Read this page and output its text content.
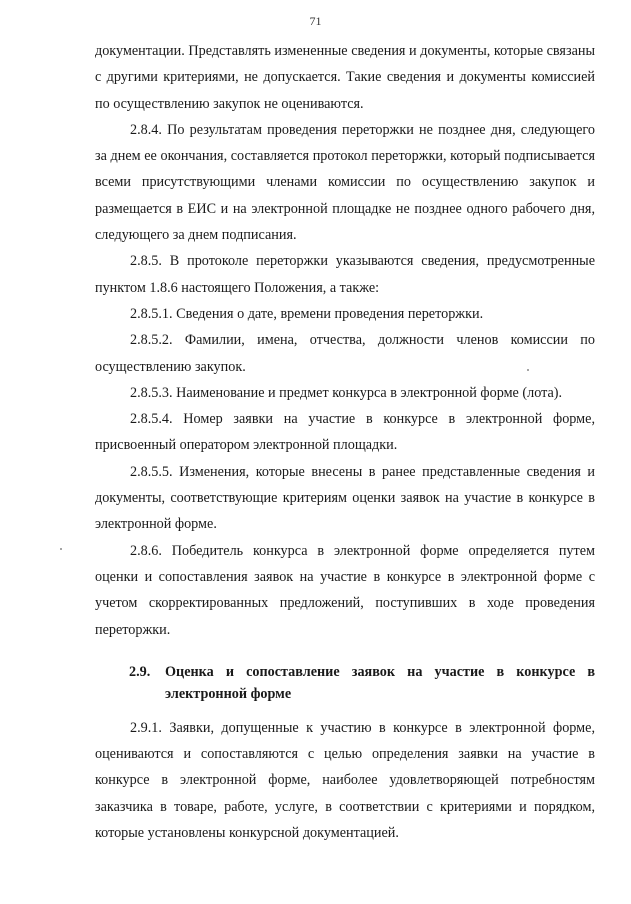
71

документации. Представлять измененные сведения и документы, которые связаны с другими критериями, не допускается. Такие сведения и документы комиссией по осуществлению закупок не оцениваются.

2.8.4. По результатам проведения переторжки не позднее дня, следующего за днем ее окончания, составляется протокол переторжки, который подписывается всеми присутствующими членами комиссии по осуществлению закупок и размещается в ЕИС и на электронной площадке не позднее одного рабочего дня, следующего за днем подписания.

2.8.5. В протоколе переторжки указываются сведения, предусмотренные пунктом 1.8.6 настоящего Положения, а также:

2.8.5.1. Сведения о дате, времени проведения переторжки.

2.8.5.2. Фамилии, имена, отчества, должности членов комиссии по осуществлению закупок.

2.8.5.3. Наименование и предмет конкурса в электронной форме (лота).

2.8.5.4. Номер заявки на участие в конкурсе в электронной форме, присвоенный оператором электронной площадки.

2.8.5.5. Изменения, которые внесены в ранее представленные сведения и документы, соответствующие критериям оценки заявок на участие в конкурсе в электронной форме.

2.8.6. Победитель конкурса в электронной форме определяется путем оценки и сопоставления заявок на участие в конкурсе в электронной форме с учетом скорректированных предложений, поступивших в ходе проведения переторжки.

2.9. Оценка и сопоставление заявок на участие в конкурсе в электронной форме

2.9.1. Заявки, допущенные к участию в конкурсе в электронной форме, оцениваются и сопоставляются с целью определения заявки на участие в конкурсе в электронной форме, наиболее удовлетворяющей потребностям заказчика в товаре, работе, услуге, в соответствии с критериями и порядком, которые установлены конкурсной документацией.
